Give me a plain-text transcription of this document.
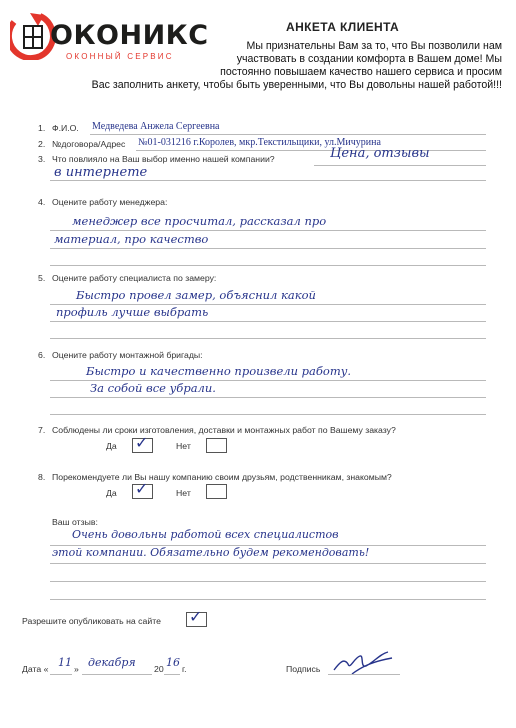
ОКОНИКС
ОКОННЫЙ СЕРВИС
АНКЕТА КЛИЕНТА
Мы признательны Вам за то, что Вы позволили нам
участвовать в создании комфорта в Вашем доме! Мы
постоянно повышаем качество нашего сервиса и просим
Вас заполнить анкету, чтобы быть уверенными, что Вы довольны нашей работой!!!
1. Ф.И.О. Медведева Анжела Сергеевна
2. №договора/Адрес №01-031216 г.Королев, мкр.Текстильщики, ул.Мичурина
3. Что повлияло на Ваш выбор именно нашей компании?	Цена, отзывы
в интернете
4. Оцените работу менеджера:
менеджер все просчитал, рассказал про
материал, про качество
5. Оцените работу специалиста по замеру:
Быстро провел замер, объяснил какой
профиль лучше выбрать
6. Оцените работу монтажной бригады:
Быстро и качественно произвели работу.
За собой все убрали.
7. Соблюдены ли сроки изготовления, доставки и монтажных работ по Вашему заказу?
Да ✓	Нет
8. Порекомендуете ли Вы нашу компанию своим друзьям, родственникам, знакомым?
Да ✓	Нет
Ваш отзыв:
Очень довольны работой всех специалистов
этой компании. Обязательно будем рекомендовать!
Разрешите опубликовать на сайте ✓
Дата « 11 » декабря 20 16 г.	Подпись
